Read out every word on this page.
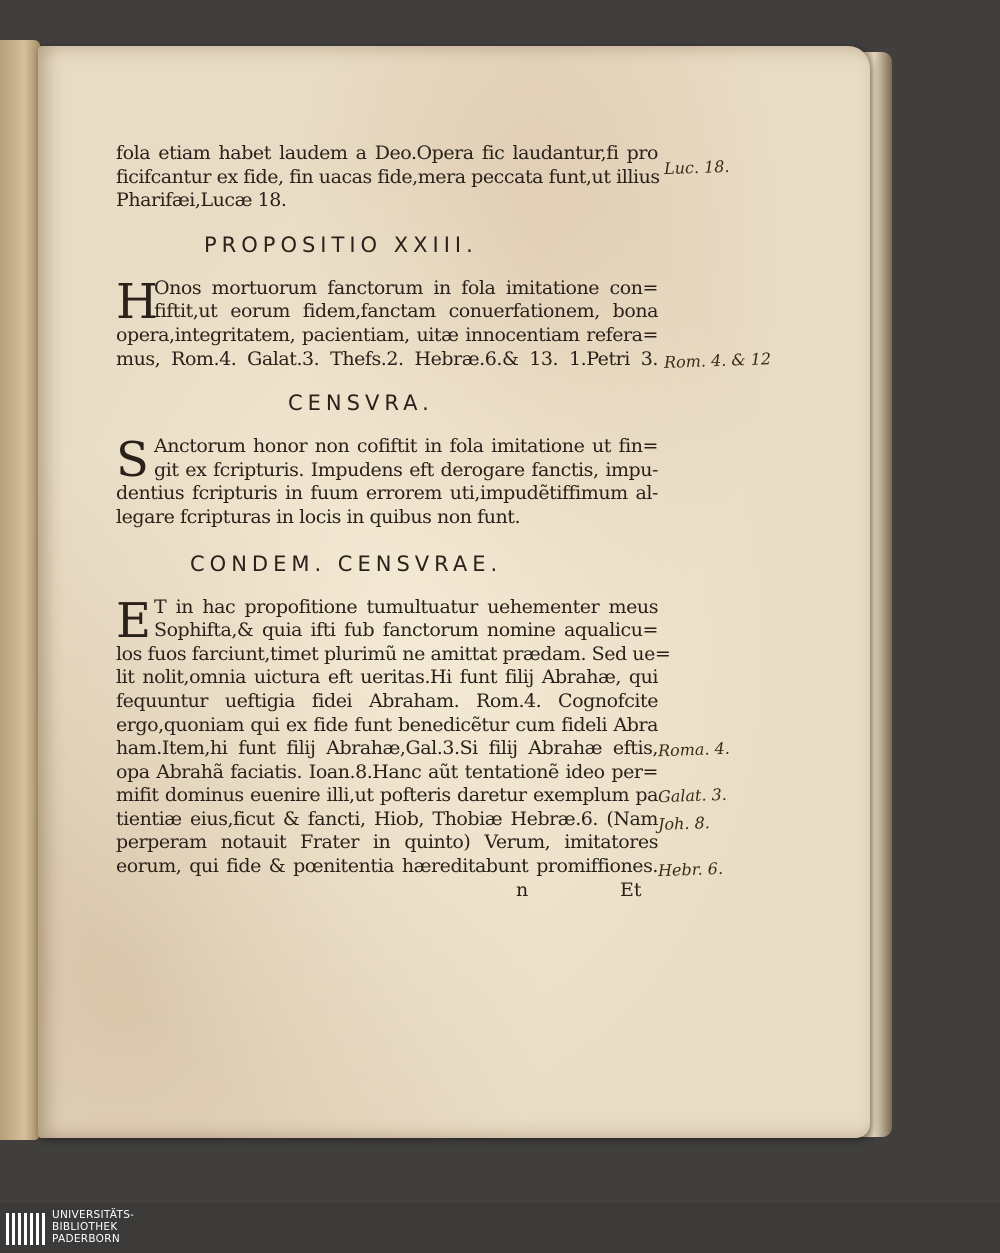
fola etiam habet laudem a Deo.Opera fic laudantur,fi pro
ficifcantur ex fide, fin uacas fide,mera peccata funt,ut illius
Pharifæi,Lucæ 18.
PROPOSITIO XXIII.
H
Onos mortuorum fanctorum in fola imitatione con=
fiftit,ut eorum fidem,fanctam conuerfationem, bona
opera,integritatem, pacientiam, uitæ innocentiam refera=
mus, Rom.4. Galat.3. Thefs.2. Hebræ.6.& 13. 1.Petri 3.
CENSVRA.
S Anctorum honor non cofiftit in fola imitatione ut fin=
git ex fcripturis. Impudens eft derogare fanctis, impu-
dentius fcripturis in fuum errorem uti,impudẽtiffimum al-
legare fcripturas in locis in quibus non funt.
CONDEM. CENSVRAE.
E T in hac propofitione tumultuatur uehementer meus
Sophifta,& quia ifti fub fanctorum nomine aqualicu=
los fuos farciunt,timet plurimũ ne amittat prædam. Sed ue=
lit nolit,omnia uictura eft ueritas.Hi funt filij Abrahæ, qui
fequuntur ueftigia fidei Abraham. Rom.4. Cognofcite
ergo,quoniam qui ex fide funt benedicẽtur cum fideli Abra
ham.Item,hi funt filij Abrahæ,Gal.3.Si filij Abrahæ eftis,
opa Abrahã faciatis. Ioan.8.Hanc aũt tentationẽ ideo per=
mifit dominus euenire illi,ut pofteris daretur exemplum pa
tientiæ eius,ficut & fancti, Hiob, Thobiæ Hebræ.6. (Nam
perperam notauit Frater in quinto) Verum, imitatores
eorum, qui fide & pœnitentia hæreditabunt promiffiones.
n	Et
Luc. 18.
Rom. 4. & 12
Roma. 4.
Galat. 3.
Joh. 8.
Hebr. 6.
UNIVERSITÄTS-
BIBLIOTHEK
PADERBORN
